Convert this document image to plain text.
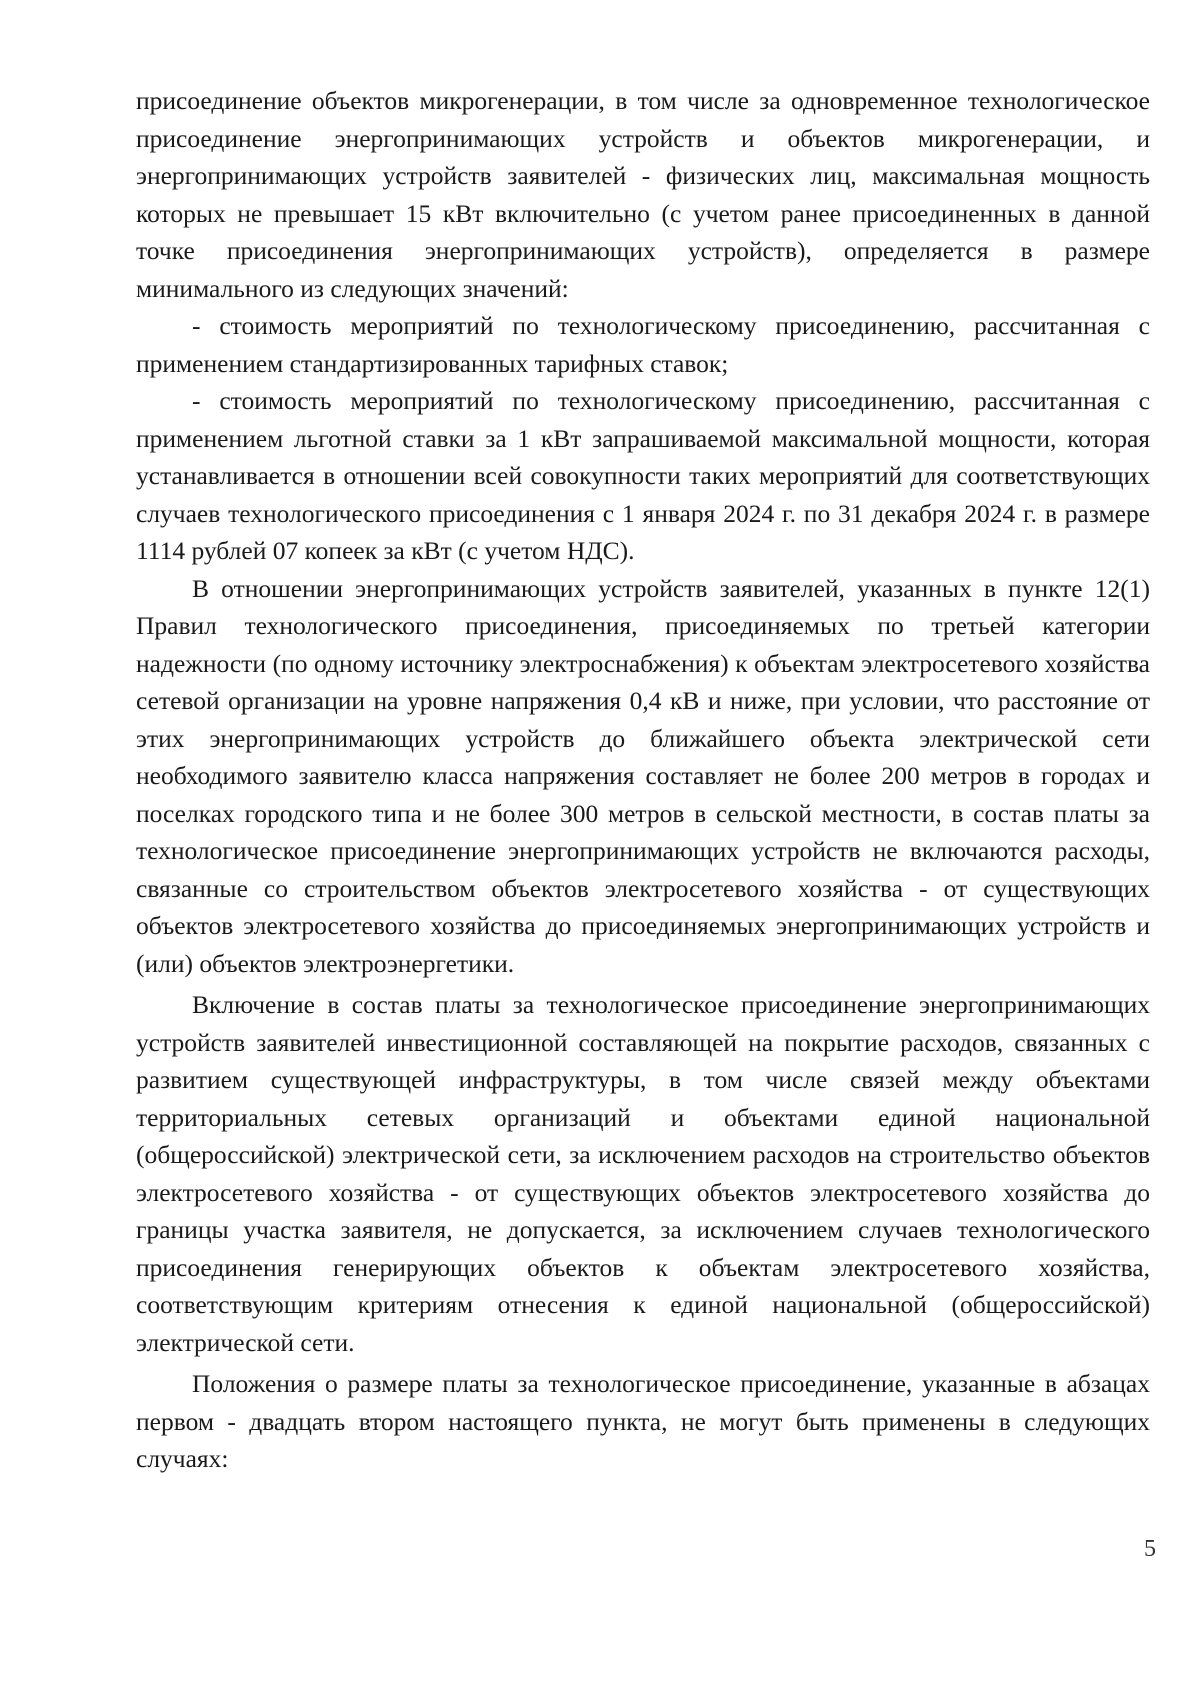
присоединение объектов микрогенерации, в том числе за одновременное технологическое присоединение энергопринимающих устройств и объектов микрогенерации, и энергопринимающих устройств заявителей - физических лиц, максимальная мощность которых не превышает 15 кВт включительно (с учетом ранее присоединенных в данной точке присоединения энергопринимающих устройств), определяется в размере минимального из следующих значений:

- стоимость мероприятий по технологическому присоединению, рассчитанная с применением стандартизированных тарифных ставок;

- стоимость мероприятий по технологическому присоединению, рассчитанная с применением льготной ставки за 1 кВт запрашиваемой максимальной мощности, которая устанавливается в отношении всей совокупности таких мероприятий для соответствующих случаев технологического присоединения с 1 января 2024 г. по 31 декабря 2024 г. в размере 1114 рублей 07 копеек за кВт (с учетом НДС).

В отношении энергопринимающих устройств заявителей, указанных в пункте 12(1) Правил технологического присоединения, присоединяемых по третьей категории надежности (по одному источнику электроснабжения) к объектам электросетевого хозяйства сетевой организации на уровне напряжения 0,4 кВ и ниже, при условии, что расстояние от этих энергопринимающих устройств до ближайшего объекта электрической сети необходимого заявителю класса напряжения составляет не более 200 метров в городах и поселках городского типа и не более 300 метров в сельской местности, в состав платы за технологическое присоединение энергопринимающих устройств не включаются расходы, связанные со строительством объектов электросетевого хозяйства - от существующих объектов электросетевого хозяйства до присоединяемых энергопринимающих устройств и (или) объектов электроэнергетики.

Включение в состав платы за технологическое присоединение энергопринимающих устройств заявителей инвестиционной составляющей на покрытие расходов, связанных с развитием существующей инфраструктуры, в том числе связей между объектами территориальных сетевых организаций и объектами единой национальной (общероссийской) электрической сети, за исключением расходов на строительство объектов электросетевого хозяйства - от существующих объектов электросетевого хозяйства до границы участка заявителя, не допускается, за исключением случаев технологического присоединения генерирующих объектов к объектам электросетевого хозяйства, соответствующим критериям отнесения к единой национальной (общероссийской) электрической сети.

Положения о размере платы за технологическое присоединение, указанные в абзацах первом - двадцать втором настоящего пункта, не могут быть применены в следующих случаях:

5
